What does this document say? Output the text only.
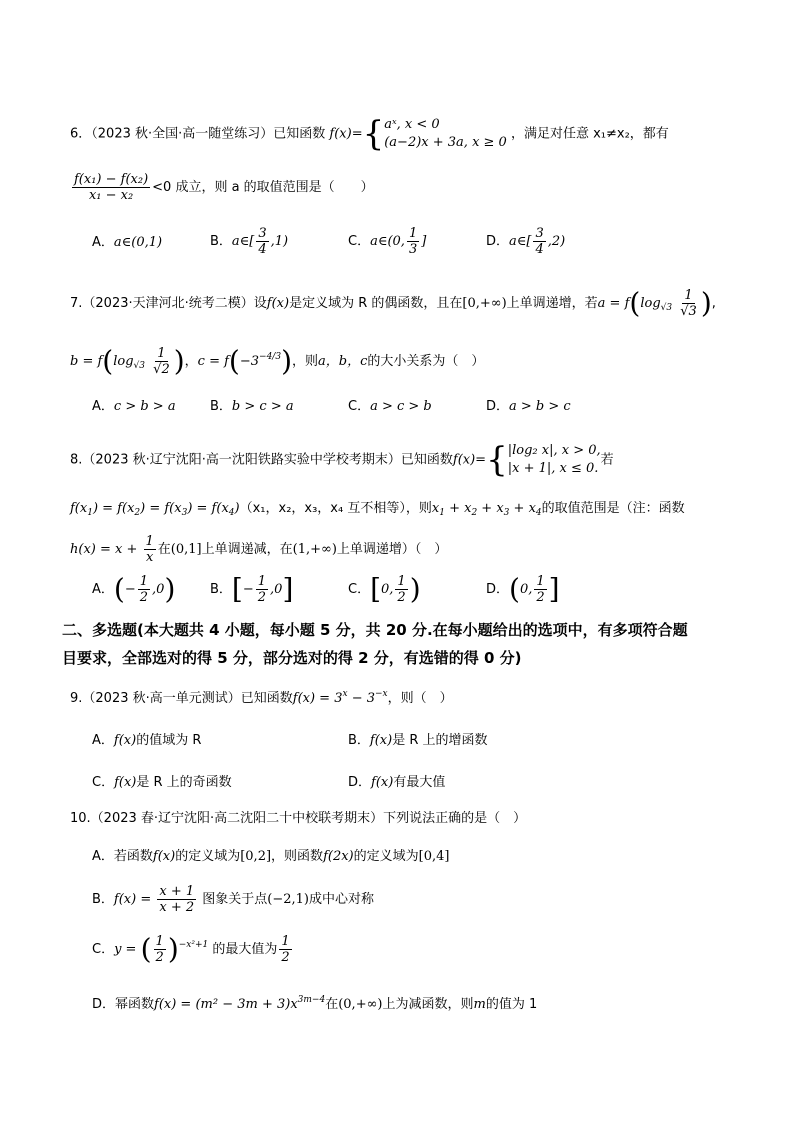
6．（2023 秋·全国·高一随堂练习）已知函数 f(x)={ aˣ, x < 0
(a−2)x + 3a, x ≥ 0
，满足对任意 x₁≠x₂，都有
$\frac{\text{f(x₁) − f(x₂)}}{\text{x₁ − x₂}} <0$ 成立，则 a 的取值范围是（　　）
A．a∈(0,1)	B．a∈[ $\frac{3}{4} ,1$)	C．a∈(0, $\frac{1}{3}$ ]	D．a∈[ $\frac{3}{4} ,2$)
7.（2023·天津河北·统考二模）设f(x)是定义域为 R 的偶函数，且在[0,+∞)上单调递增，若$a = f(\log_{√3} \frac{1}{√3}$ ),
$b = f(\log_{√3} \frac{1}{√2}$ )，$c = f(-3^{-4/3})$，则a，b，c的大小关系为（　）
A．c > b > a	B．b > c > a	C．a > c > b	D．a > b > c
8.（2023 秋·辽宁沈阳·高一沈阳铁路实验中学校考期末）已知函数f(x)={ |log₂ x|, x > 0,
|x + 1|, x ≤ 0.
若
$f(x_1) = f(x_2) = f(x_3) = f(x_4)(x_1$，x₂，x₃，x₄ 互不相等），则$x_1 + x_2 + x_3 + x_4$的取值范围是（注：函数
$h(x) = x + \frac{1}{x}$ 在(0,1]上单调递减，在(1,+∞)上单调递增）（　）
A．(− $\frac{1}{2} ,0$)	B．[− $\frac{1}{2} ,0$]	C．[0, $\frac{1}{2}$ )	D．(0, $\frac{1}{2}$ ]
二、多选题(本大题共 4 小题，每小题 5 分，共 20 分.在每小题给出的选项中，有多项符合题
目要求，全部选对的得 5 分，部分选对的得 2 分，有选错的得 0 分)
9.（2023 秋·高一单元测试）已知函数$f(x) = 3^x - 3^{-x}$，则（　）
A．f(x)的值域为 R	B．f(x)是 R 上的增函数
C．f(x)是 R 上的奇函数	D．f(x)有最大值
10.（2023 春·辽宁沈阳·高二沈阳二十中校联考期末）下列说法正确的是（　）
A．若函数f(x)的定义域为[0,2]，则函数f(2x)的定义域为[0,4]
B．$f(x) = \frac{x + 1}{x + 2}$ 图象关于点(−2,1)成中心对称
C．y = ( $\frac{1}{2} )^{-x^2+1}$ 的最大值为 $\frac{1}{2}$
D．幂函数$f(x) = (m^2 - 3m + 3)x^{3m-4}$在(0,+∞)上为减函数，则m的值为 1
